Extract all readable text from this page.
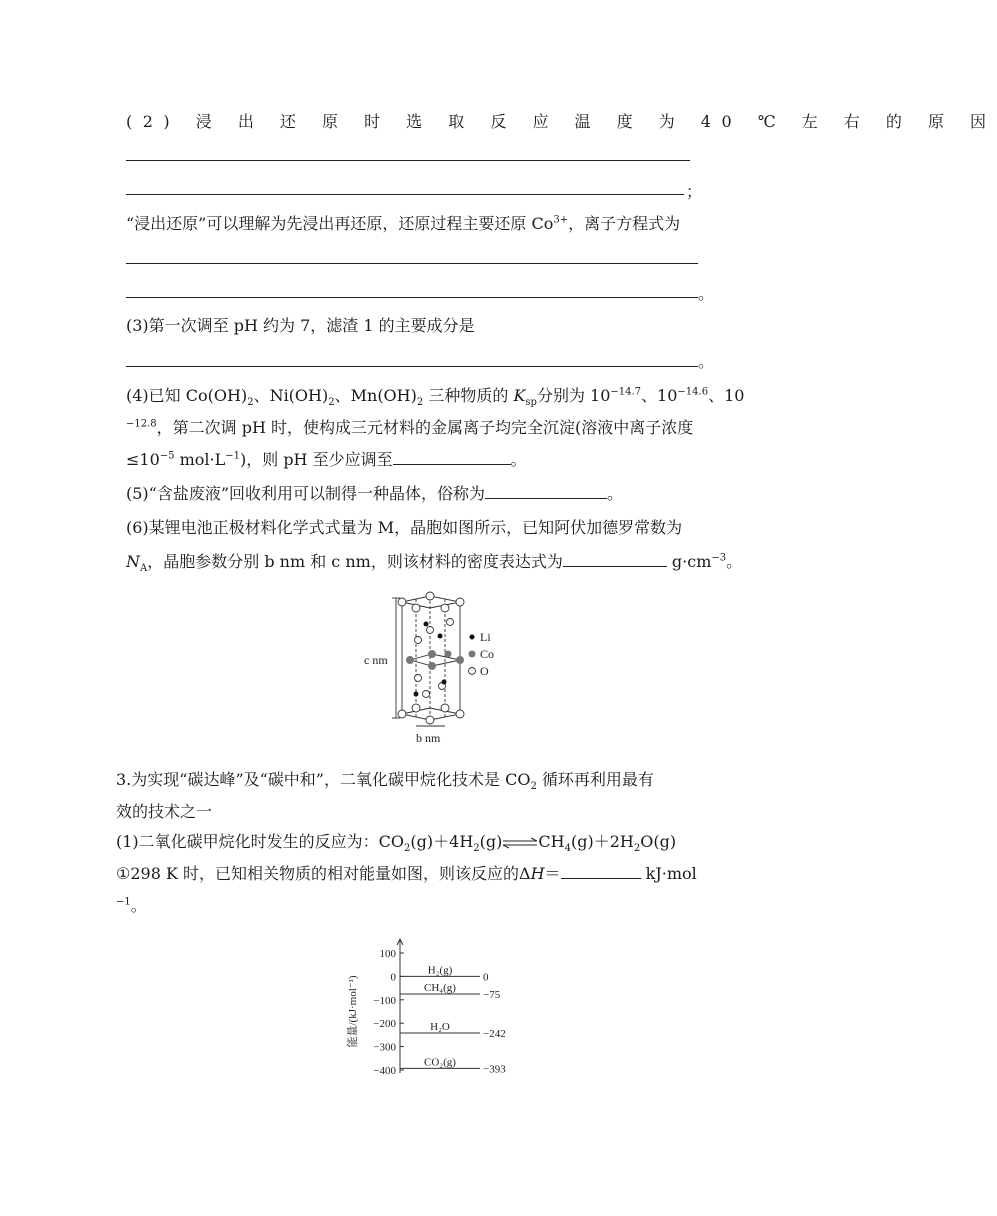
(2) 浸 出 还 原 时 选 取 反 应 温 度 为 40 ℃ 左 右 的 原 因
；
“浸出还原”可以理解为先浸出再还原，还原过程主要还原 $Co^{3+}$，离子方程式为
。
(3)第一次调至 pH 约为 7，滤渣 1 的主要成分是
。
(4)已知 $Co(OH)_2$、$Ni(OH)_2$、$Mn(OH)_2$ 三种物质的 $K_{sp}$分别为 $10^{-14.7}$、$10^{-14.6}$、10
$^{-12.8}$，第二次调 pH 时，使构成三元材料的金属离子均完全沉淀(溶液中离子浓度
$\le 10^{-5}$ $mol\cdot L^{-1}$)，则 pH 至少应调至	。
(5)“含盐废液”回收利用可以制得一种晶体，俗称为	。
(6)某锂电池正极材料化学式式量为 M，晶胞如图所示，已知阿伏加德罗常数为
$N_A$，晶胞参数分别 b nm 和 c nm，则该材料的密度表达式为	$g\cdot cm^{-3}$。
Li
Co
O
c nm
b nm
3.为实现“碳达峰”及“碳中和”，二氧化碳甲烷化技术是 $CO_2$ 循环再利用最有
效的技术之一
(1)二氧化碳甲烷化时发生的反应为：$CO_2(g)+4H_2(g)\rightleftharpoons CH_4(g)+2H_2O(g)$
①298 K 时，已知相关物质的相对能量如图，则该反应的ΔH＝	kJ·mol
$^{-1}$。
100
0
−100
−200
−300
−400
能量/(kJ·mol⁻¹)
H₂(g)
0
CH₄(g)
−75
H₂O
−242
CO₂(g)
−393
